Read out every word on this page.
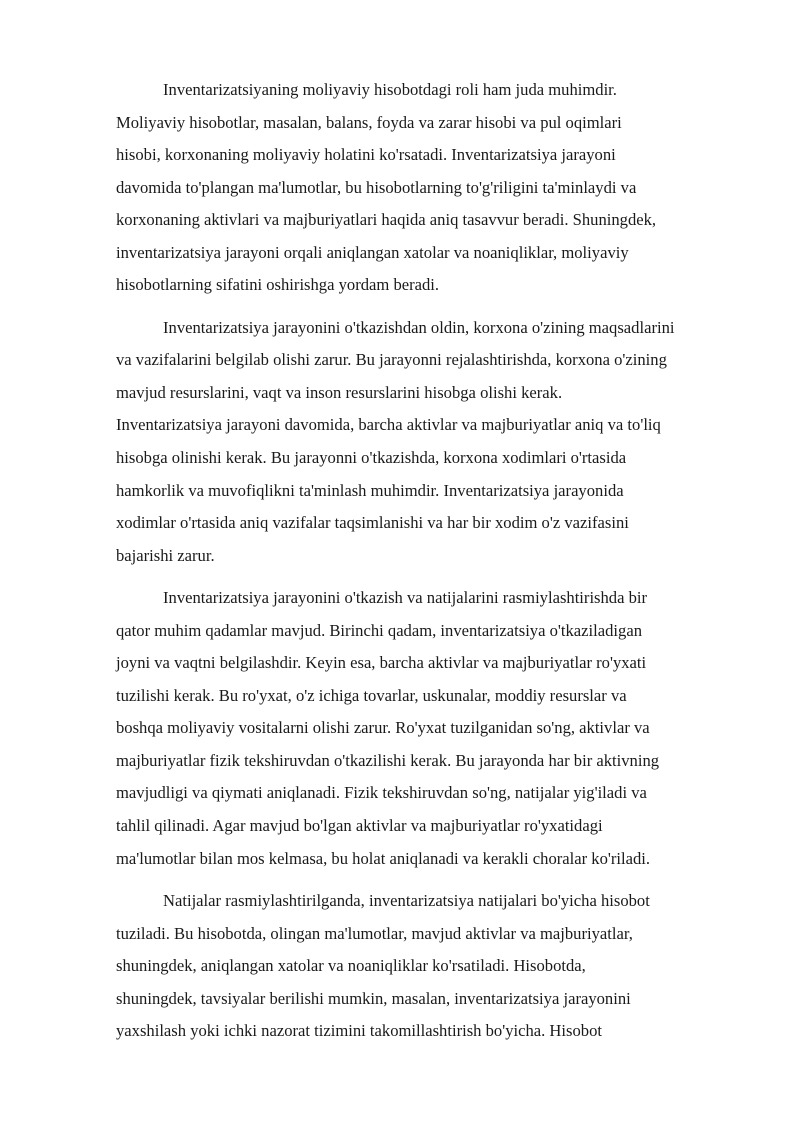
Inventarizatsiyaning moliyaviy hisobotdagi roli ham juda muhimdir.
Moliyaviy hisobotlar, masalan, balans, foyda va zarar hisobi va pul oqimlari
hisobi, korxonaning moliyaviy holatini ko'rsatadi. Inventarizatsiya jarayoni
davomida to'plangan ma'lumotlar, bu hisobotlarning to'g'riligini ta'minlaydi va
korxonaning aktivlari va majburiyatlari haqida aniq tasavvur beradi. Shuningdek,
inventarizatsiya jarayoni orqali aniqlangan xatolar va noaniqliklar, moliyaviy
hisobotlarning sifatini oshirishga yordam beradi.

Inventarizatsiya jarayonini o'tkazishdan oldin, korxona o'zining maqsadlarini
va vazifalarini belgilab olishi zarur. Bu jarayonni rejalashtirishda, korxona o'zining
mavjud resurslarini, vaqt va inson resurslarini hisobga olishi kerak.
Inventarizatsiya jarayoni davomida, barcha aktivlar va majburiyatlar aniq va to'liq
hisobga olinishi kerak. Bu jarayonni o'tkazishda, korxona xodimlari o'rtasida
hamkorlik va muvofiqlikni ta'minlash muhimdir. Inventarizatsiya jarayonida
xodimlar o'rtasida aniq vazifalar taqsimlanishi va har bir xodim o'z vazifasini
bajarishi zarur.

Inventarizatsiya jarayonini o'tkazish va natijalarini rasmiylashtirishda bir
qator muhim qadamlar mavjud. Birinchi qadam, inventarizatsiya o'tkaziladigan
joyni va vaqtni belgilashdir. Keyin esa, barcha aktivlar va majburiyatlar ro'yxati
tuzilishi kerak. Bu ro'yxat, o'z ichiga tovarlar, uskunalar, moddiy resurslar va
boshqa moliyaviy vositalarni olishi zarur. Ro'yxat tuzilganidan so'ng, aktivlar va
majburiyatlar fizik tekshiruvdan o'tkazilishi kerak. Bu jarayonda har bir aktivning
mavjudligi va qiymati aniqlanadi. Fizik tekshiruvdan so'ng, natijalar yig'iladi va
tahlil qilinadi. Agar mavjud bo'lgan aktivlar va majburiyatlar ro'yxatidagi
ma'lumotlar bilan mos kelmasa, bu holat aniqlanadi va kerakli choralar ko'riladi.

Natijalar rasmiylashtirilganda, inventarizatsiya natijalari bo'yicha hisobot
tuziladi. Bu hisobotda, olingan ma'lumotlar, mavjud aktivlar va majburiyatlar,
shuningdek, aniqlangan xatolar va noaniqliklar ko'rsatiladi. Hisobotda,
shuningdek, tavsiyalar berilishi mumkin, masalan, inventarizatsiya jarayonini
yaxshilash yoki ichki nazorat tizimini takomillashtirish bo'yicha. Hisobot
